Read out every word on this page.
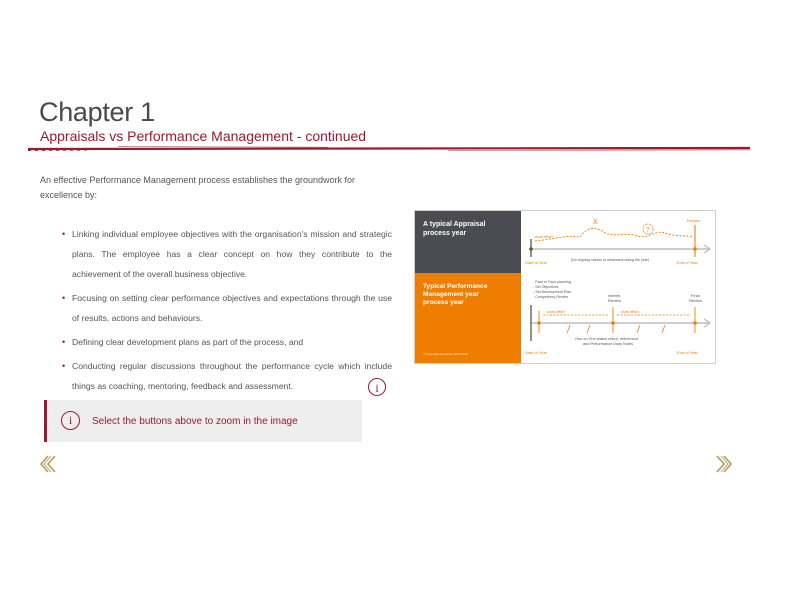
Chapter 1
Appraisals vs Performance Management - continued
An effective Performance Management process establishes the groundwork for excellence by:
• Linking individual employee objectives with the organisation's mission and strategic plans. The employee has a clear concept on how they contribute to the achievement of the overall business objective.
• Focusing on setting clear performance objectives and expectations through the use of results, actions and behaviours.
• Defining clear development plans as part of the process, and
• Conducting regular discussions throughout the performance cycle which include things as coaching, mentoring, feedback and assessment.	i
i	Select the buttons above to zoom in the image
A typical Appraisal process year
Typical Performance Management year process year
© Copyright Australian HCM 2013
X
?
work effort
Review
(No ongoing checks or refinement during the year)
Start of Year	End of Year
- Face to Face planning - Set Objectives - Set Development Plan - Competency Review	Interim Review
Final Review
work effort	work effort
One on One status check, refinement and Performance Diary Notes
Start of Year	End of Year
